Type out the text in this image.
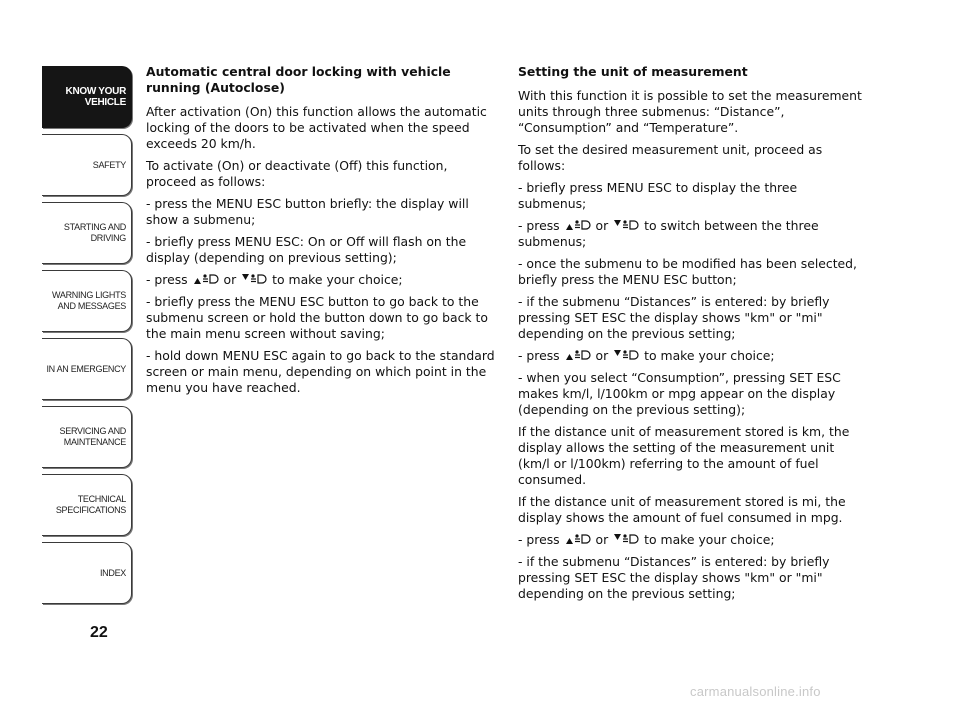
KNOW YOUR
VEHICLE
SAFETY
STARTING AND
DRIVING
WARNING LIGHTS
AND MESSAGES
IN AN EMERGENCY
SERVICING AND
MAINTENANCE
TECHNICAL
SPECIFICATIONS
INDEX
22

Automatic central door locking with vehicle running (Autoclose)

After activation (On) this function allows the automatic locking of the doors to be activated when the speed exceeds 20 km/h.

To activate (On) or deactivate (Off) this function, proceed as follows:

- press the MENU ESC button briefly: the display will show a submenu;

- briefly press MENU ESC: On or Off will flash on the display (depending on previous setting);

- press	or	to make your choice;

- briefly press the MENU ESC button to go back to the submenu screen or hold the button down to go back to the main menu screen without saving;

- hold down MENU ESC again to go back to the standard screen or main menu, depending on which point in the menu you have reached.

Setting the unit of measurement

With this function it is possible to set the measurement units through three submenus: “Distance”, “Consumption” and “Temperature”.

To set the desired measurement unit, proceed as follows:

- briefly press MENU ESC to display the three submenus;

- press	or	to switch between the three submenus;

- once the submenu to be modified has been selected, briefly press the MENU ESC button;

- if the submenu “Distances” is entered: by briefly pressing SET ESC the display shows "km" or "mi" depending on the previous setting;

- press	or	to make your choice;

- when you select “Consumption”, pressing SET ESC makes km/l, l/100km or mpg appear on the display (depending on the previous setting);

If the distance unit of measurement stored is km, the display allows the setting of the measurement unit (km/l or l/100km) referring to the amount of fuel consumed.

If the distance unit of measurement stored is mi, the display shows the amount of fuel consumed in mpg.

- press	or	to make your choice;

- if the submenu “Distances” is entered: by briefly pressing SET ESC the display shows "km" or "mi" depending on the previous setting;

carmanualsonline.info
